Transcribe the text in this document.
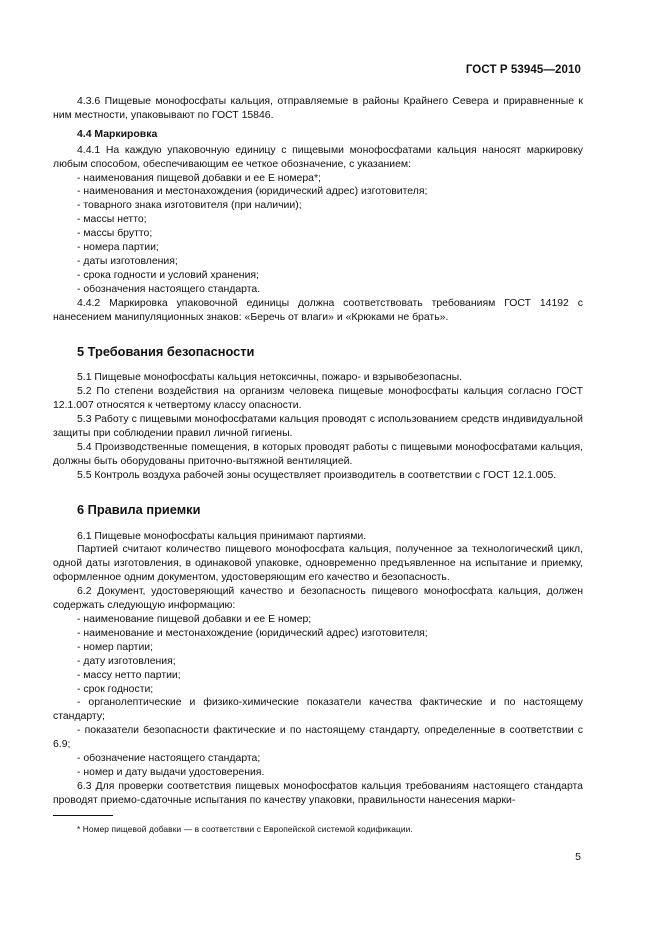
ГОСТ Р 53945—2010

4.3.6 Пищевые монофосфаты кальция, отправляемые в районы Крайнего Севера и приравненные к ним местности, упаковывают по ГОСТ 15846.

4.4 Маркировка

4.4.1 На каждую упаковочную единицу с пищевыми монофосфатами кальция наносят маркировку любым способом, обеспечивающим ее четкое обозначение, с указанием:

- наименования пищевой добавки и ее Е номера*;

- наименования и местонахождения (юридический адрес) изготовителя;

- товарного знака изготовителя (при наличии);

- массы нетто;

- массы брутто;

- номера партии;

- даты изготовления;

- срока годности и условий хранения;

- обозначения настоящего стандарта.

4.4.2 Маркировка упаковочной единицы должна соответствовать требованиям ГОСТ 14192 с нанесением манипуляционных знаков: «Беречь от влаги» и «Крюками не брать».

5 Требования безопасности

5.1 Пищевые монофосфаты кальция нетоксичны, пожаро- и взрывобезопасны.

5.2 По степени воздействия на организм человека пищевые монофосфаты кальция согласно ГОСТ 12.1.007 относятся к четвертому классу опасности.

5.3 Работу с пищевыми монофосфатами кальция проводят с использованием средств индивидуальной защиты при соблюдении правил личной гигиены.

5.4 Производственные помещения, в которых проводят работы с пищевыми монофосфатами кальция, должны быть оборудованы приточно-вытяжной вентиляцией.

5.5 Контроль воздуха рабочей зоны осуществляет производитель в соответствии с ГОСТ 12.1.005.

6 Правила приемки

6.1 Пищевые монофосфаты кальция принимают партиями.

Партией считают количество пищевого монофосфата кальция, полученное за технологический цикл, одной даты изготовления, в одинаковой упаковке, одновременно предъявленное на испытание и приемку, оформленное одним документом, удостоверяющим его качество и безопасность.

6.2 Документ, удостоверяющий качество и безопасность пищевого монофосфата кальция, должен содержать следующую информацию:

- наименование пищевой добавки и ее Е номер;

- наименование и местонахождение (юридический адрес) изготовителя;

- номер партии;

- дату изготовления;

- массу нетто партии;

- срок годности;

- органолептические и физико-химические показатели качества фактические и по настоящему стандарту;

- показатели безопасности фактические и по настоящему стандарту, определенные в соответствии с 6.9;

- обозначение настоящего стандарта;

- номер и дату выдачи удостоверения.

6.3 Для проверки соответствия пищевых монофосфатов кальция требованиям настоящего стандарта проводят приемо-сдаточные испытания по качеству упаковки, правильности нанесения марки-

* Номер пищевой добавки — в соответствии с Европейской системой кодификации.
5
